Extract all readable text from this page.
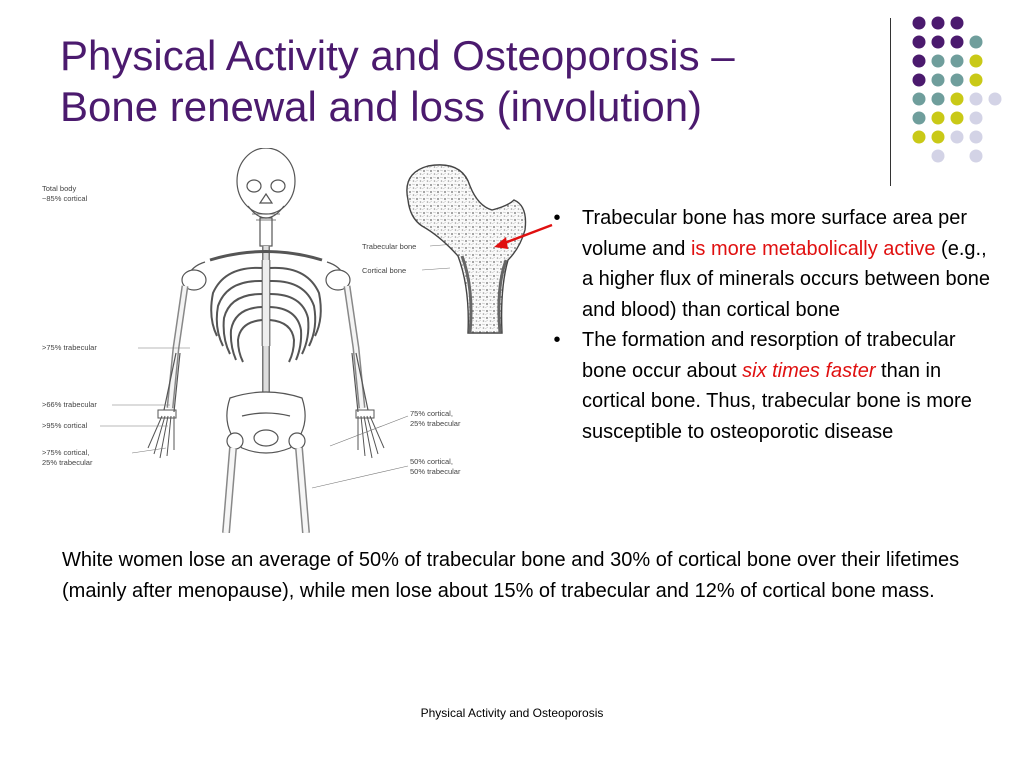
Physical Activity and Osteoporosis –
Bone renewal and loss (involution)
Total body
~85% cortical
>75% trabecular
>66% trabecular
>95% cortical
>75% cortical,
25% trabecular
75% cortical,
25% trabecular
50% cortical,
50% trabecular
Trabecular bone
Cortical bone
•	Trabecular bone has more surface area per volume and is more metabolically active (e.g., a higher flux of minerals occurs between bone and blood) than cortical bone
•	The formation and resorption of trabecular bone occur about six times faster than in cortical bone. Thus, trabecular bone is more susceptible to osteoporotic disease

White women lose an average of 50% of trabecular bone and 30% of cortical bone over their lifetimes (mainly after menopause), while men lose about 15% of trabecular and 12% of cortical bone mass.

Physical Activity and Osteoporosis
